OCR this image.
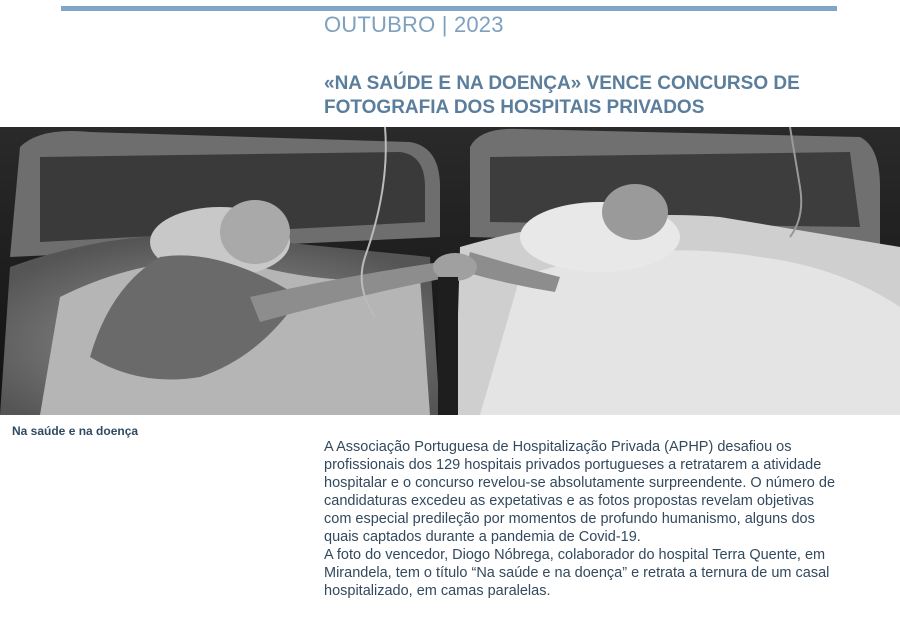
OUTUBRO | 2023
«NA SAÚDE E NA DOENÇA» VENCE CONCURSO DE FOTOGRAFIA DOS HOSPITAIS PRIVADOS
Na saúde e na doença

A Associação Portuguesa de Hospitalização Privada (APHP) desafiou os profissionais dos 129 hospitais privados portugueses a retratarem a atividade hospitalar e o concurso revelou-se absolutamente surpreendente. O número de candidaturas excedeu as expetativas e as fotos propostas revelam objetivas com especial predileção por momentos de profundo humanismo, alguns dos quais captados durante a pandemia de Covid-19.

A foto do vencedor, Diogo Nóbrega, colaborador do hospital Terra Quente, em Mirandela, tem o título “Na saúde e na doença” e retrata a ternura de um casal hospitalizado, em camas paralelas.
